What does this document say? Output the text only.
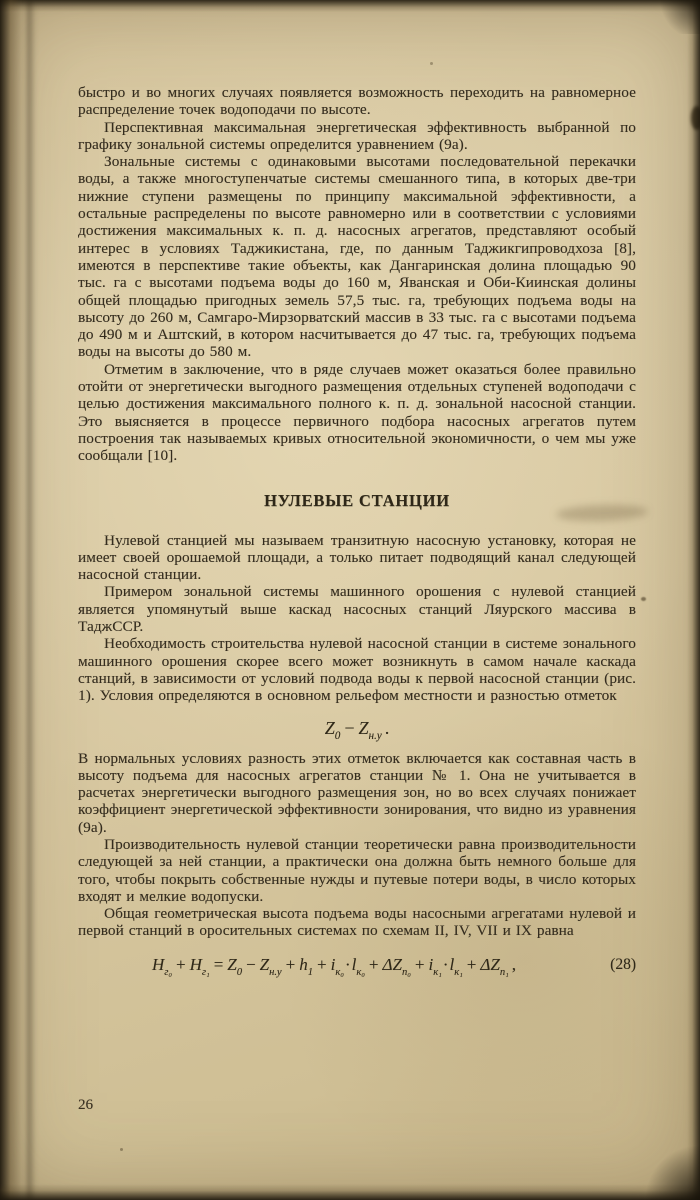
быстро и во многих случаях появляется возможность переходить на равномерное распределение точек водоподачи по высоте.

Перспективная максимальная энергетическая эффективность выбранной по графику зональной системы определится уравнением (9а).

Зональные системы с одинаковыми высотами последовательной перекачки воды, а также многоступенчатые системы смешанного типа, в которых две-три нижние ступени размещены по принципу максимальной эффективности, а остальные распределены по высоте равномерно или в соответствии с условиями достижения максимальных к. п. д. насосных агрегатов, представляют особый интерес в условиях Таджикистана, где, по данным Таджикгипроводхоза [8], имеются в перспективе такие объекты, как Дангаринская долина площадью 90 тыс. га с высотами подъема воды до 160 м, Яванская и Оби-Киинская долины общей площадью пригодных земель 57,5 тыс. га, требующих подъема воды на высоту до 260 м, Самгаро-Мирзорватский массив в 33 тыс. га с высотами подъема до 490 м и Аштский, в котором насчитывается до 47 тыс. га, требующих подъема воды на высоты до 580 м.

Отметим в заключение, что в ряде случаев может оказаться более правильно отойти от энергетически выгодного размещения отдельных ступеней водоподачи с целью достижения максимального полного к. п. д. зональной насосной станции. Это выясняется в процессе первичного подбора насосных агрегатов путем построения так называемых кривых относительной экономичности, о чем мы уже сообщали [10].

НУЛЕВЫЕ СТАНЦИИ

Нулевой станцией мы называем транзитную насосную установку, которая не имеет своей орошаемой площади, а только питает подводящий канал следующей насосной станции.

Примером зональной системы машинного орошения с нулевой станцией является упомянутый выше каскад насосных станций Ляурского массива в ТаджССР.

Необходимость строительства нулевой насосной станции в системе зонального машинного орошения скорее всего может возникнуть в самом начале каскада станций, в зависимости от условий подвода воды к первой насосной станции (рис. 1). Условия определяются в основном рельефом местности и разностью отметок

$Z_0 - Z_{н.у}$ .

В нормальных условиях разность этих отметок включается как составная часть в высоту подъема для насосных агрегатов станции № 1. Она не учитывается в расчетах энергетически выгодного размещения зон, но во всех случаях понижает коэффициент энергетической эффективности зонирования, что видно из уравнения (9а).

Производительность нулевой станции теоретически равна производительности следующей за ней станции, а практически она должна быть немного больше для того, чтобы покрыть собственные нужды и путевые потери воды, в число которых входят и мелкие водопуски.

Общая геометрическая высота подъема воды насосными агрегатами нулевой и первой станций в оросительных системах по схемам II, IV, VII и IX равна

$H_{г_0} + H_{г_1} = Z_0 - Z_{н.у} + h_1 + i_{к_0}\cdot l_{к_0} + \Delta Z_{п_0} + i_{к_1}\cdot l_{к_1} + \Delta Z_{п_1}$ ,	(28)
26
